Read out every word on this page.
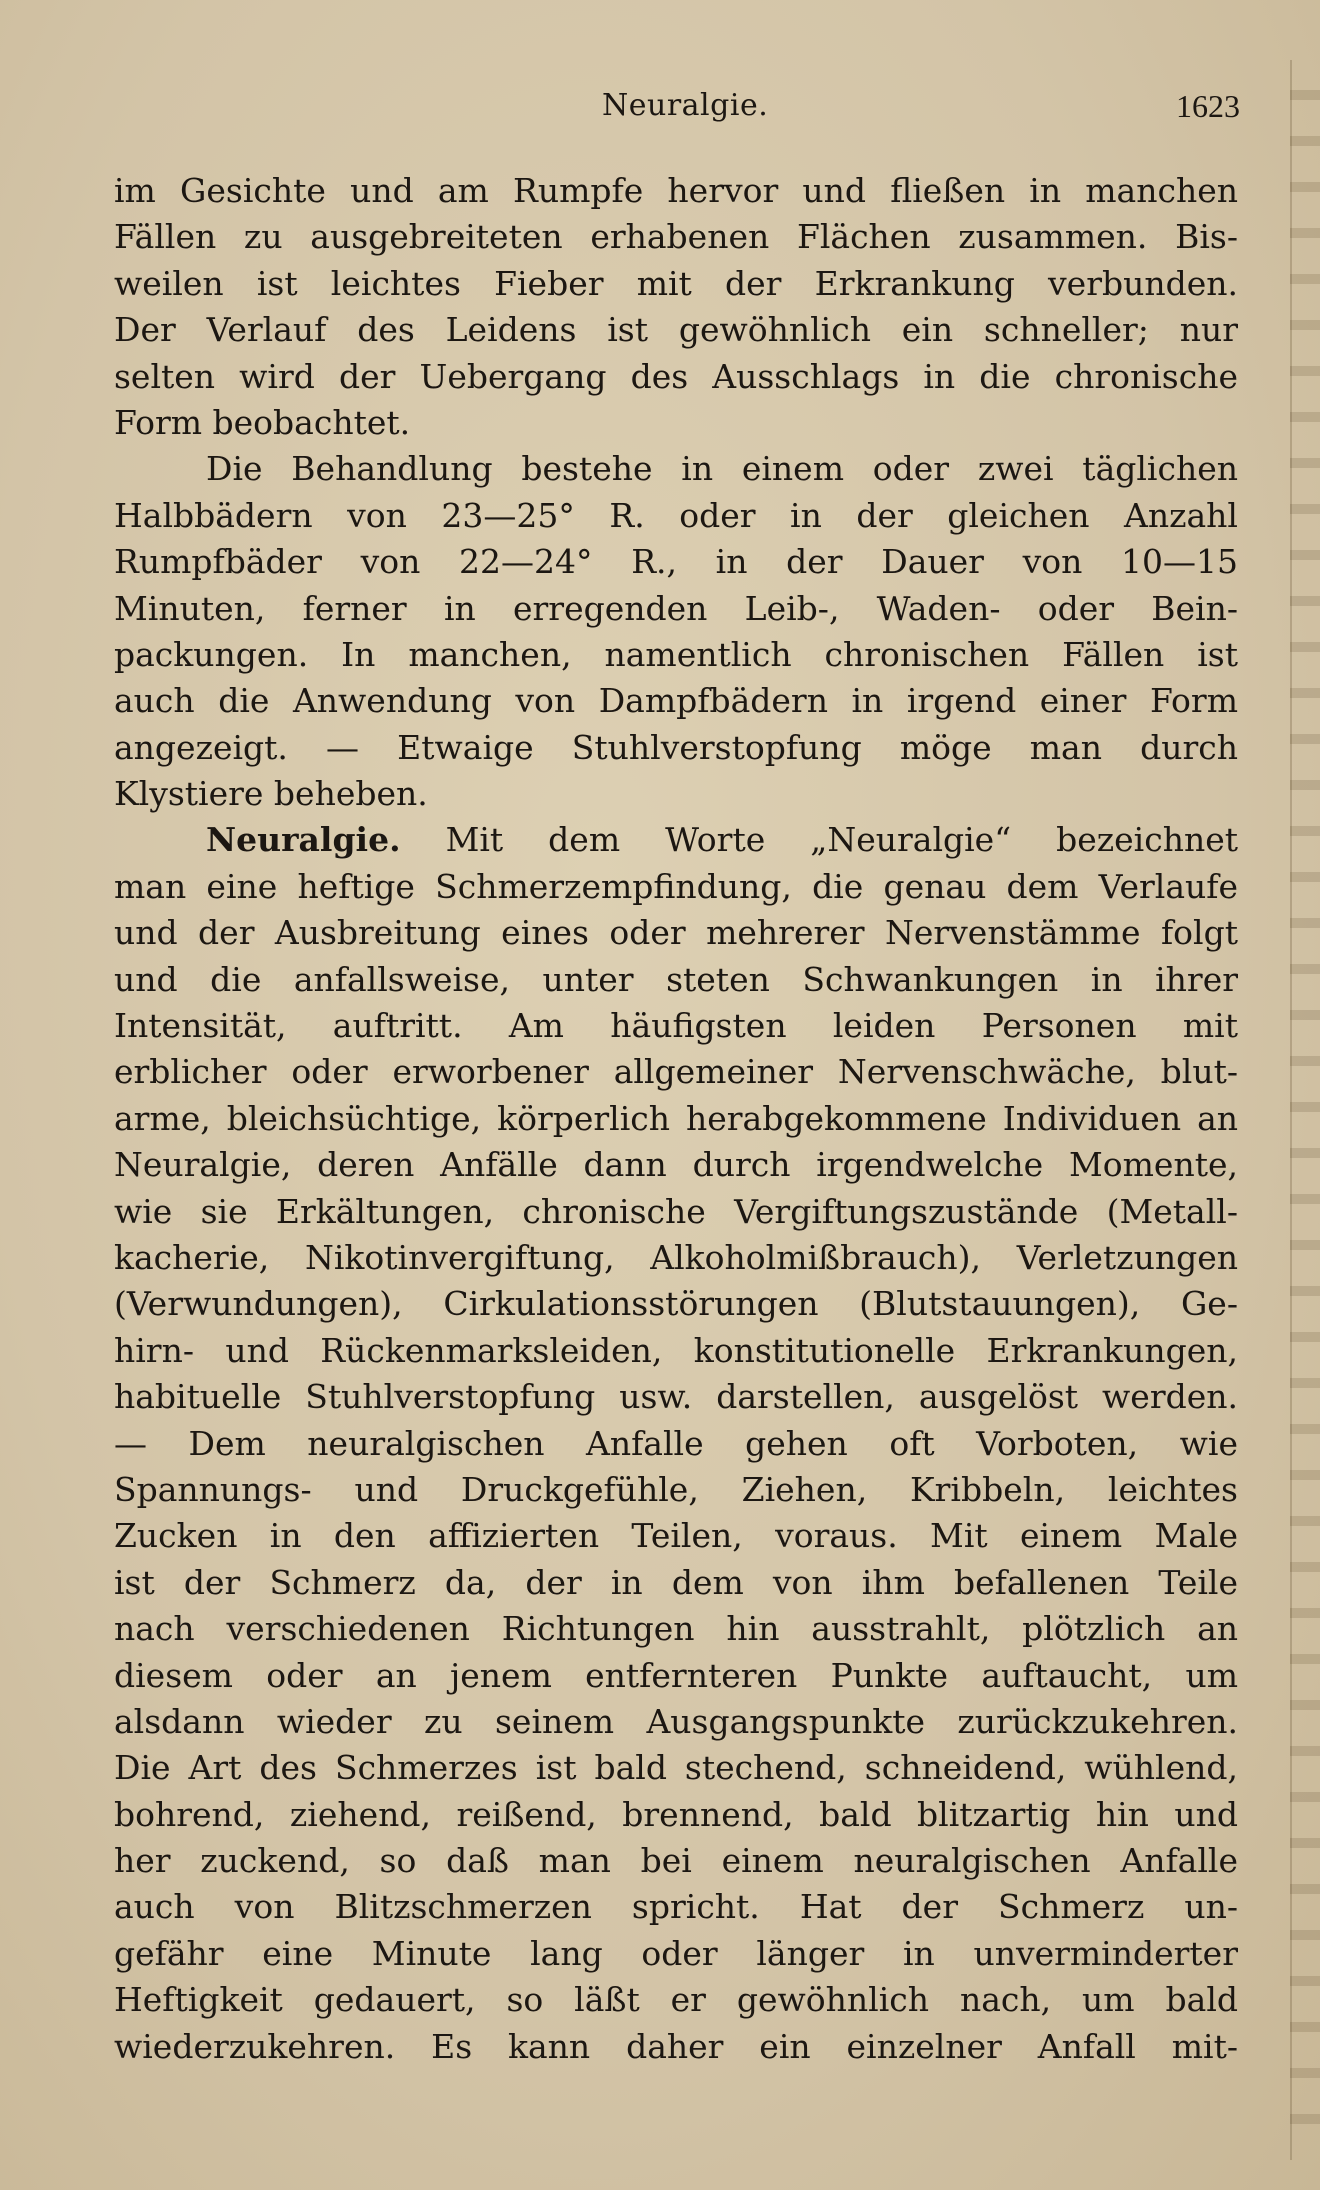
Neuralgie.	1623
im Gesichte und am Rumpfe hervor und fließen in manchen
Fällen zu ausgebreiteten erhabenen Flächen zusammen. Bis-
weilen ist leichtes Fieber mit der Erkrankung verbunden.
Der Verlauf des Leidens ist gewöhnlich ein schneller; nur
selten wird der Uebergang des Ausschlags in die chronische
Form beobachtet.
Die Behandlung bestehe in einem oder zwei täglichen
Halbbädern von 23—25° R. oder in der gleichen Anzahl
Rumpfbäder von 22—24° R., in der Dauer von 10—15
Minuten, ferner in erregenden Leib-, Waden- oder Bein-
packungen. In manchen, namentlich chronischen Fällen ist
auch die Anwendung von Dampfbädern in irgend einer Form
angezeigt. — Etwaige Stuhlverstopfung möge man durch
Klystiere beheben.
Neuralgie. Mit dem Worte „Neuralgie“ bezeichnet
man eine heftige Schmerzempfindung, die genau dem Verlaufe
und der Ausbreitung eines oder mehrerer Nervenstämme folgt
und die anfallsweise, unter steten Schwankungen in ihrer
Intensität, auftritt. Am häufigsten leiden Personen mit
erblicher oder erworbener allgemeiner Nervenschwäche, blut-
arme, bleichsüchtige, körperlich herabgekommene Individuen an
Neuralgie, deren Anfälle dann durch irgendwelche Momente,
wie sie Erkältungen, chronische Vergiftungszustände (Metall-
kacherie, Nikotinvergiftung, Alkoholmißbrauch), Verletzungen
(Verwundungen), Cirkulationsstörungen (Blutstauungen), Ge-
hirn- und Rückenmarksleiden, konstitutionelle Erkrankungen,
habituelle Stuhlverstopfung usw. darstellen, ausgelöst werden.
— Dem neuralgischen Anfalle gehen oft Vorboten, wie
Spannungs- und Druckgefühle, Ziehen, Kribbeln, leichtes
Zucken in den affizierten Teilen, voraus. Mit einem Male
ist der Schmerz da, der in dem von ihm befallenen Teile
nach verschiedenen Richtungen hin ausstrahlt, plötzlich an
diesem oder an jenem entfernteren Punkte auftaucht, um
alsdann wieder zu seinem Ausgangspunkte zurückzukehren.
Die Art des Schmerzes ist bald stechend, schneidend, wühlend,
bohrend, ziehend, reißend, brennend, bald blitzartig hin und
her zuckend, so daß man bei einem neuralgischen Anfalle
auch von Blitzschmerzen spricht. Hat der Schmerz un-
gefähr eine Minute lang oder länger in unverminderter
Heftigkeit gedauert, so läßt er gewöhnlich nach, um bald
wiederzukehren. Es kann daher ein einzelner Anfall mit-
